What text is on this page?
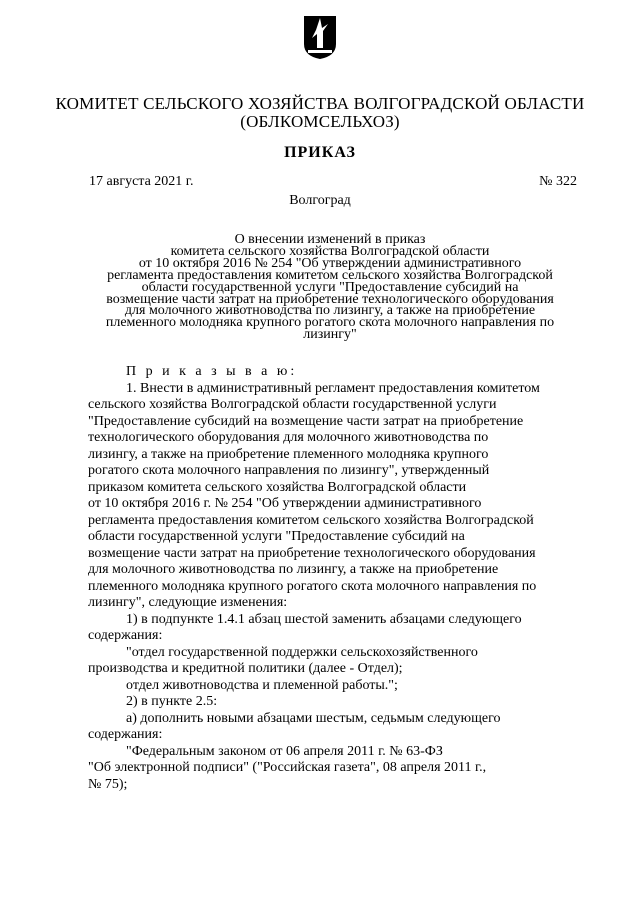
КОМИТЕТ СЕЛЬСКОГО ХОЗЯЙСТВА ВОЛГОГРАДСКОЙ ОБЛАСТИ
(ОБЛКОМСЕЛЬХОЗ)
ПРИКАЗ
17 августа 2021 г.	№ 322
Волгоград
О внесении изменений в приказ
комитета сельского хозяйства Волгоградской области
от 10 октября 2016 № 254 "Об утверждении административного
регламента предоставления комитетом сельского хозяйства Волгоградской
области государственной услуги "Предоставление субсидий на
возмещение части затрат на приобретение технологического оборудования
для молочного животноводства по лизингу, а также на приобретение
племенного молодняка крупного рогатого скота молочного направления по
лизингу"
П р и к а з ы в а ю:
1. Внести в административный регламент предоставления комитетом
сельского хозяйства Волгоградской области государственной услуги
"Предоставление субсидий на возмещение части затрат на приобретение
технологического оборудования для молочного животноводства по
лизингу, а также на приобретение племенного молодняка крупного
рогатого скота молочного направления по лизингу", утвержденный
приказом комитета сельского хозяйства Волгоградской области
от 10 октября 2016 г. № 254 "Об утверждении административного
регламента предоставления комитетом сельского хозяйства Волгоградской
области государственной услуги "Предоставление субсидий на
возмещение части затрат на приобретение технологического оборудования
для молочного животноводства по лизингу, а также на приобретение
племенного молодняка крупного рогатого скота молочного направления по
лизингу", следующие изменения:
1) в подпункте 1.4.1 абзац шестой заменить абзацами следующего
содержания:
"отдел государственной поддержки сельскохозяйственного
производства и кредитной политики (далее - Отдел);
отдел животноводства и племенной работы.";
2) в пункте 2.5:
а) дополнить новыми абзацами шестым, седьмым следующего
содержания:
"Федеральным законом от 06 апреля 2011 г. № 63-ФЗ
"Об электронной подписи" ("Российская газета", 08 апреля 2011 г.,
№ 75);
